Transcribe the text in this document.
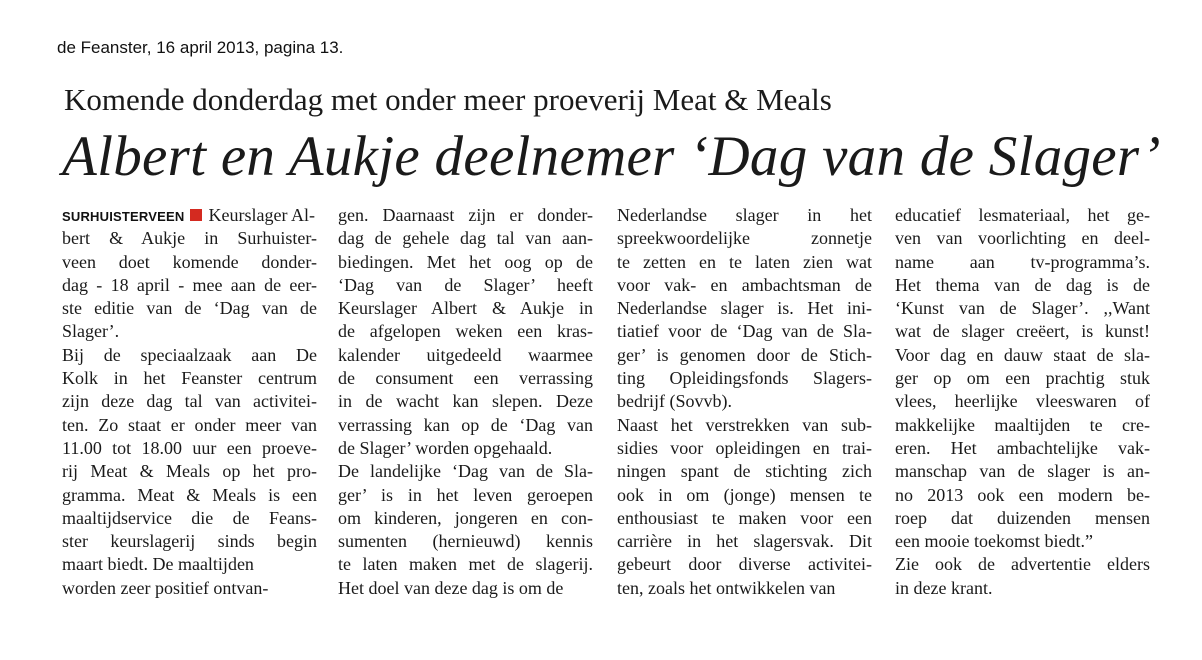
de Feanster, 16 april 2013, pagina 13.
Komende donderdag met onder meer proeverij Meat & Meals
Albert en Aukje deelnemer ‘Dag van de Slager’
SURHUISTERVEEN Keurslager Al-
bert & Aukje in Surhuister-
veen doet komende donder-
dag - 18 april - mee aan de eer-
ste editie van de ‘Dag van de
Slager’.
Bij de speciaalzaak aan De
Kolk in het Feanster centrum
zijn deze dag tal van activitei-
ten. Zo staat er onder meer van
11.00 tot 18.00 uur een proeve-
rij Meat & Meals op het pro-
gramma. Meat & Meals is een
maaltijdservice die de Feans-
ster keurslagerij sinds begin
maart biedt. De maaltijden
worden zeer positief ontvan-
gen. Daarnaast zijn er donder-
dag de gehele dag tal van aan-
biedingen. Met het oog op de
‘Dag van de Slager’ heeft
Keurslager Albert & Aukje in
de afgelopen weken een kras-
kalender uitgedeeld waarmee
de consument een verrassing
in de wacht kan slepen. Deze
verrassing kan op de ‘Dag van
de Slager’ worden opgehaald.
De landelijke ‘Dag van de Sla-
ger’ is in het leven geroepen
om kinderen, jongeren en con-
sumenten (hernieuwd) kennis
te laten maken met de slagerij.
Het doel van deze dag is om de
Nederlandse slager in het
spreekwoordelijke zonnetje
te zetten en te laten zien wat
voor vak- en ambachtsman de
Nederlandse slager is. Het ini-
tiatief voor de ‘Dag van de Sla-
ger’ is genomen door de Stich-
ting Opleidingsfonds Slagers-
bedrijf (Sovvb).
Naast het verstrekken van sub-
sidies voor opleidingen en trai-
ningen spant de stichting zich
ook in om (jonge) mensen te
enthousiast te maken voor een
carrière in het slagersvak. Dit
gebeurt door diverse activitei-
ten, zoals het ontwikkelen van
educatief lesmateriaal, het ge-
ven van voorlichting en deel-
name aan tv-programma’s.
Het thema van de dag is de
‘Kunst van de Slager’. ,,Want
wat de slager creëert, is kunst!
Voor dag en dauw staat de sla-
ger op om een prachtig stuk
vlees, heerlijke vleeswaren of
makkelijke maaltijden te cre-
eren. Het ambachtelijke vak-
manschap van de slager is an-
no 2013 ook een modern be-
roep dat duizenden mensen
een mooie toekomst biedt.”
Zie ook de advertentie elders
in deze krant.
